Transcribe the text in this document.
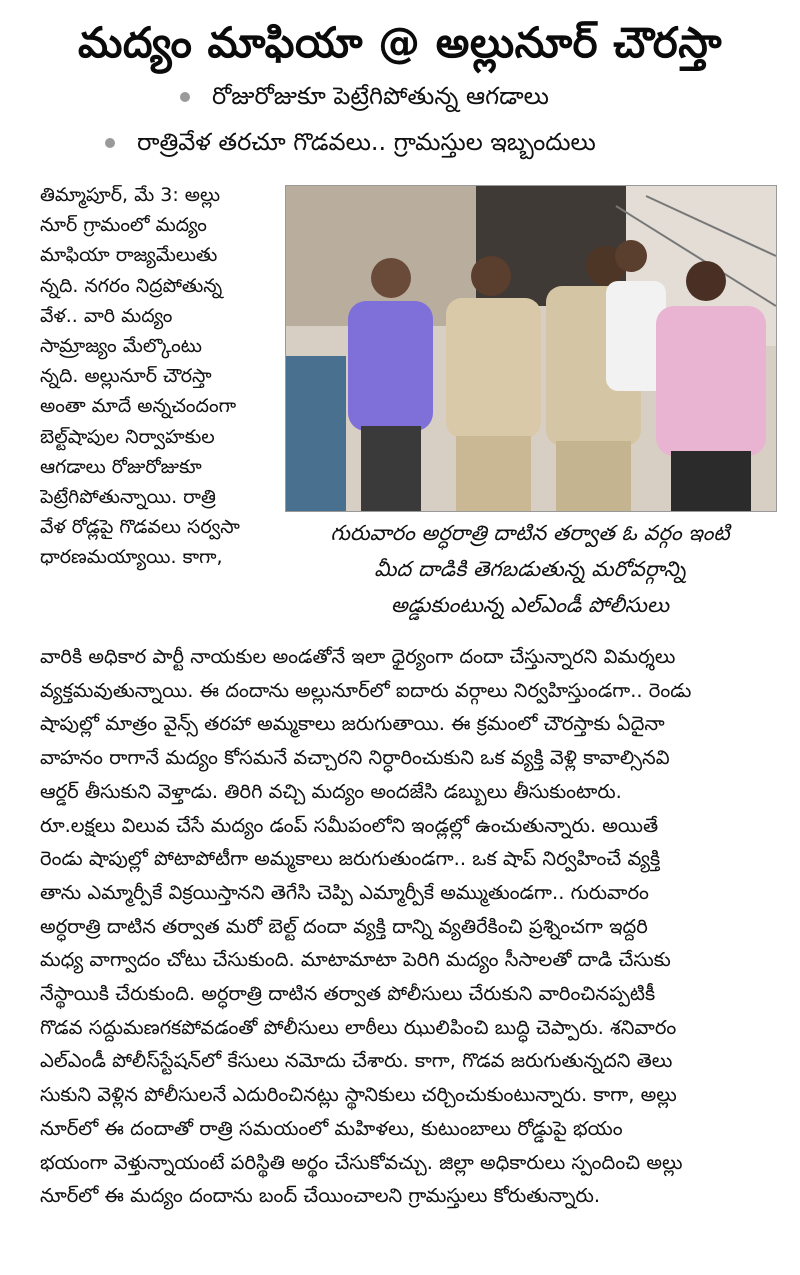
మద్యం మాఫియా @ అల్లునూర్ చౌరస్తా
రోజురోజుకూ పెట్రేగిపోతున్న ఆగడాలు
రాత్రివేళ తరచూ గొడవలు.. గ్రామస్తుల ఇబ్బందులు
తిమ్మాపూర్, మే 3: అల్లు
నూర్ గ్రామంలో మద్యం
మాఫియా రాజ్యమేలుతు
న్నది. నగరం నిద్రపోతున్న
వేళ.. వారి మద్యం
సామ్రాజ్యం మేల్కొంటు
న్నది. అల్లునూర్ చౌరస్తా
అంతా మాదే అన్నచందంగా
బెల్ట్‌షాపుల నిర్వాహకుల
ఆగడాలు రోజురోజుకూ
పెట్రేగిపోతున్నాయి. రాత్రి
వేళ రోడ్లపై గొడవలు సర్వసా
ధారణమయ్యాయి. కాగా,
గురువారం అర్ధరాత్రి దాటిన తర్వాత ఓ వర్గం ఇంటి
మీద దాడికి తెగబడుతున్న మరోవర్గాన్ని
అడ్డుకుంటున్న ఎల్ఎండీ పోలీసులు
వారికి అధికార పార్టీ నాయకుల అండతోనే ఇలా ధైర్యంగా దందా చేస్తున్నారని విమర్శలు
వ్యక్తమవుతున్నాయి. ఈ దందాను అల్లునూర్‌లో ఐదారు వర్గాలు నిర్వహిస్తుండగా.. రెండు
షాపుల్లో మాత్రం వైన్స్ తరహా అమ్మకాలు జరుగుతాయి. ఈ క్రమంలో చౌరస్తాకు ఏదైనా
వాహనం రాగానే మద్యం కోసమనే వచ్చారని నిర్ధారించుకుని ఒక వ్యక్తి వెళ్లి కావాల్సినవి
ఆర్డర్ తీసుకుని వెళ్తాడు. తిరిగి వచ్చి మద్యం అందజేసి డబ్బులు తీసుకుంటారు.
రూ.లక్షలు విలువ చేసే మద్యం డంప్ సమీపంలోని ఇండ్లల్లో ఉంచుతున్నారు. అయితే
రెండు షాపుల్లో పోటాపోటీగా అమ్మకాలు జరుగుతుండగా.. ఒక షాప్ నిర్వహించే వ్యక్తి
తాను ఎమ్మార్పీకే విక్రయిస్తానని తెగేసి చెప్పి ఎమ్మార్పీకే అమ్ముతుండగా.. గురువారం
అర్ధరాత్రి దాటిన తర్వాత మరో బెల్ట్ దందా వ్యక్తి దాన్ని వ్యతిరేకించి ప్రశ్నించగా ఇద్దరి
మధ్య వాగ్వాదం చోటు చేసుకుంది. మాటామాటా పెరిగి మద్యం సీసాలతో దాడి చేసుకు
నేస్థాయికి చేరుకుంది. అర్ధరాత్రి దాటిన తర్వాత పోలీసులు చేరుకుని వారించినప్పటికీ
గొడవ సద్దుమణగకపోవడంతో పోలీసులు లాఠీలు ఝులిపించి బుద్ధి చెప్పారు. శనివారం
ఎల్ఎండీ పోలీస్‌స్టేషన్‌లో కేసులు నమోదు చేశారు. కాగా, గొడవ జరుగుతున్నదని తెలు
సుకుని వెళ్లిన పోలీసులనే ఎదురించినట్లు స్థానికులు చర్చించుకుంటున్నారు. కాగా, అల్లు
నూర్‌లో ఈ దందాతో రాత్రి సమయంలో మహిళలు, కుటుంబాలు రోడ్డుపై భయం
భయంగా వెళ్తున్నాయంటే పరిస్థితి అర్థం చేసుకోవచ్చు. జిల్లా అధికారులు స్పందించి అల్లు
నూర్‌లో ఈ మద్యం దందాను బంద్ చేయించాలని గ్రామస్తులు కోరుతున్నారు.
